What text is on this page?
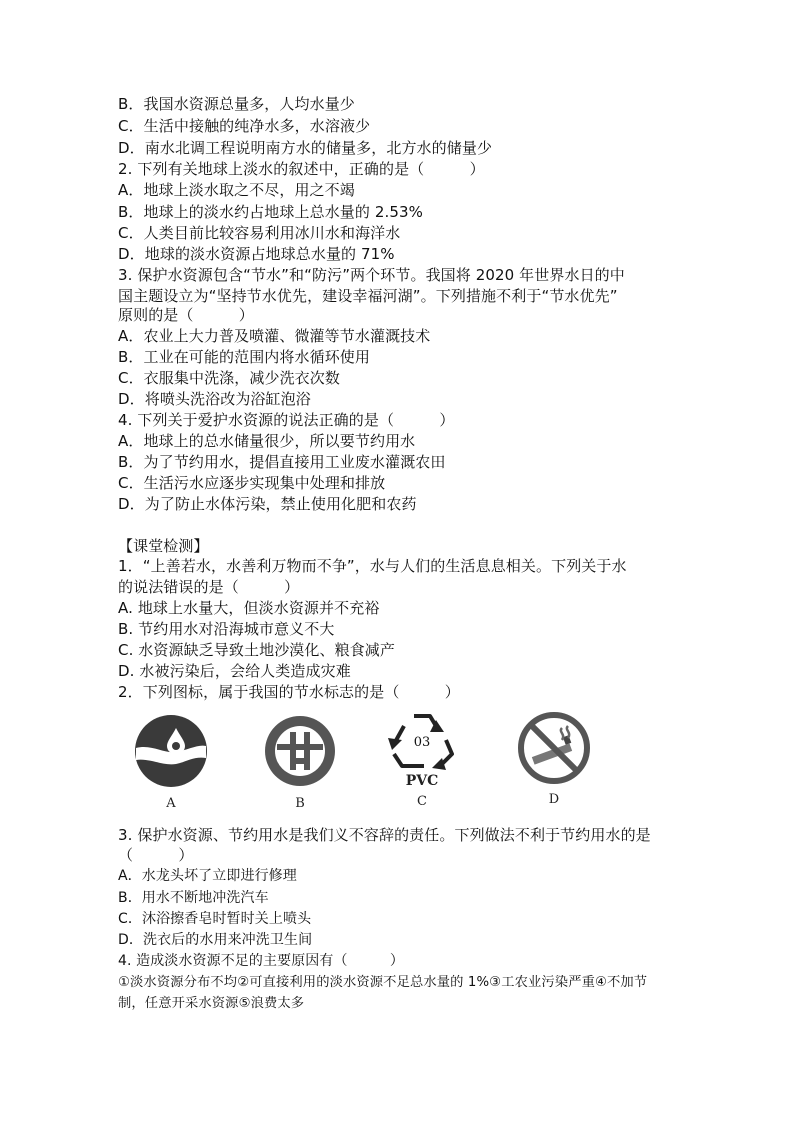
B．我国水资源总量多，人均水量少
C．生活中接触的纯净水多，水溶液少
D．南水北调工程说明南方水的储量多，北方水的储量少
2. 下列有关地球上淡水的叙述中，正确的是（　　　）
A．地球上淡水取之不尽，用之不竭
B．地球上的淡水约占地球上总水量的 2.53%
C．人类目前比较容易利用冰川水和海洋水
D．地球的淡水资源占地球总水量的 71%
3. 保护水资源包含“节水”和“防污”两个环节。我国将 2020 年世界水日的中
国主题设立为“坚持节水优先，建设幸福河湖”。下列措施不利于“节水优先”
原则的是（　　　）
A．农业上大力普及喷灌、微灌等节水灌溉技术
B．工业在可能的范围内将水循环使用
C．衣服集中洗涤，减少洗衣次数
D．将喷头洗浴改为浴缸泡浴
4. 下列关于爱护水资源的说法正确的是（　　　）
A．地球上的总水储量很少，所以要节约用水
B．为了节约用水，提倡直接用工业废水灌溉农田
C．生活污水应逐步实现集中处理和排放
D．为了防止水体污染，禁止使用化肥和农药
【课堂检测】
1．“上善若水，水善利万物而不争”，水与人们的生活息息相关。下列关于水
的说法错误的是（　　　）
A. 地球上水量大，但淡水资源并不充裕
B. 节约用水对沿海城市意义不大
C. 水资源缺乏导致土地沙漠化、粮食减产
D. 水被污染后，会给人类造成灾难
2．下列图标，属于我国的节水标志的是（　　　）
A	B
03
PVC
C	D
3. 保护水资源、节约用水是我们义不容辞的责任。下列做法不利于节约用水的是
（　　　）
A．水龙头坏了立即进行修理
B．用水不断地冲洗汽车
C．沐浴擦香皂时暂时关上喷头
D．洗衣后的水用来冲洗卫生间
4. 造成淡水资源不足的主要原因有（　　　）
①淡水资源分布不均②可直接利用的淡水资源不足总水量的 1%③工农业污染严重④不加节
制，任意开采水资源⑤浪费太多
